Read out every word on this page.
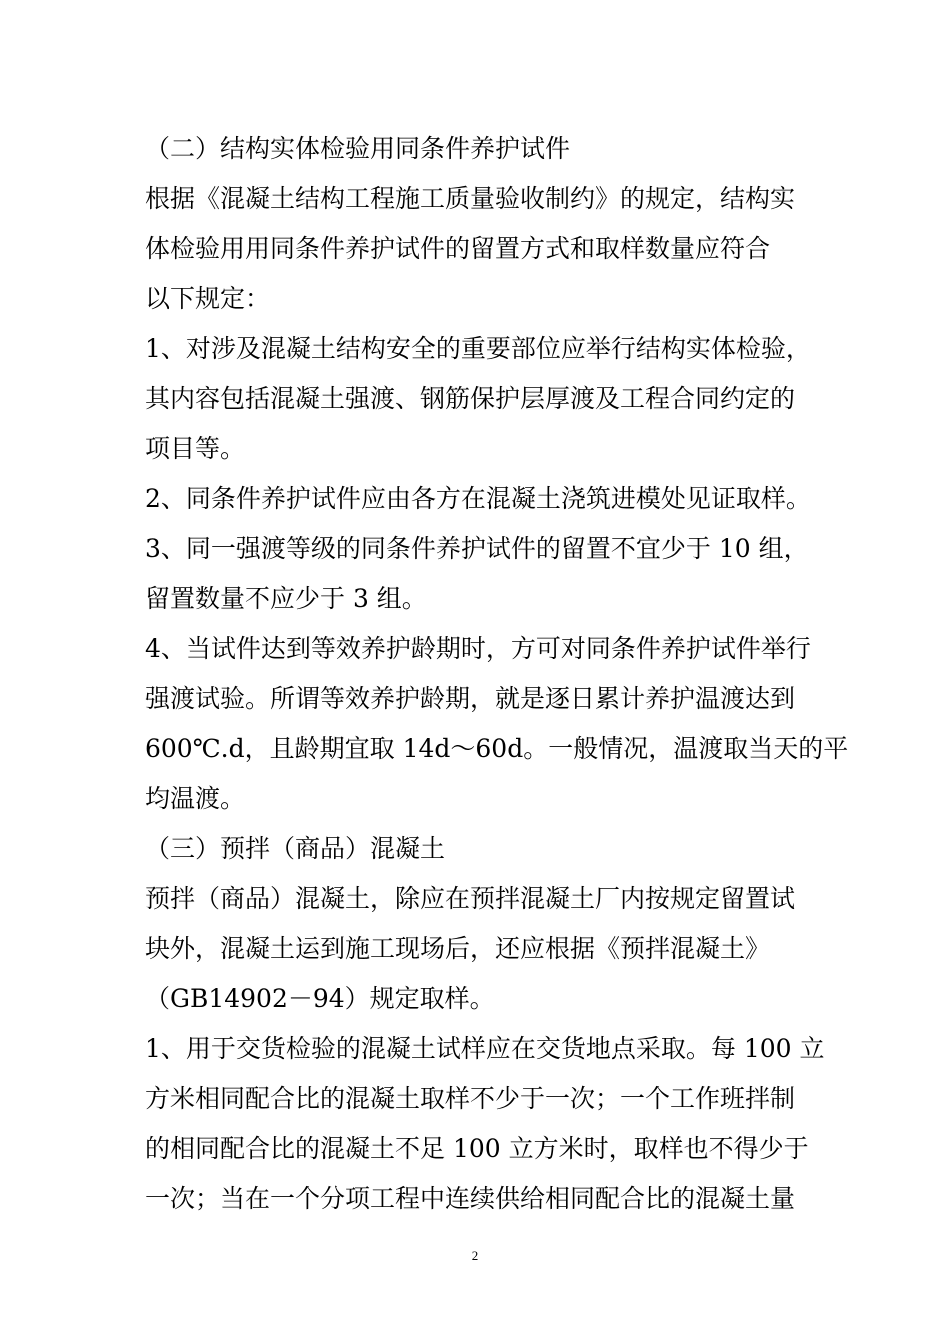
（二）结构实体检验用同条件养护试件
根据《混凝土结构工程施工质量验收制约》的规定，结构实
体检验用用同条件养护试件的留置方式和取样数量应符合
以下规定：
1、对涉及混凝土结构安全的重要部位应举行结构实体检验，
其内容包括混凝土强渡、钢筋保护层厚渡及工程合同约定的
项目等。
2、同条件养护试件应由各方在混凝土浇筑进模处见证取样。
3、同一强渡等级的同条件养护试件的留置不宜少于 10 组，
留置数量不应少于 3 组。
4、当试件达到等效养护龄期时，方可对同条件养护试件举行
强渡试验。所谓等效养护龄期，就是逐日累计养护温渡达到
600℃.d，且龄期宜取 14d～60d。一般情况，温渡取当天的平
均温渡。
（三）预拌（商品）混凝土
预拌（商品）混凝土，除应在预拌混凝土厂内按规定留置试
块外，混凝土运到施工现场后，还应根据《预拌混凝土》
（GB14902－94）规定取样。
1、用于交货检验的混凝土试样应在交货地点采取。每 100 立
方米相同配合比的混凝土取样不少于一次；一个工作班拌制
的相同配合比的混凝土不足 100 立方米时，取样也不得少于
一次；当在一个分项工程中连续供给相同配合比的混凝土量
2
